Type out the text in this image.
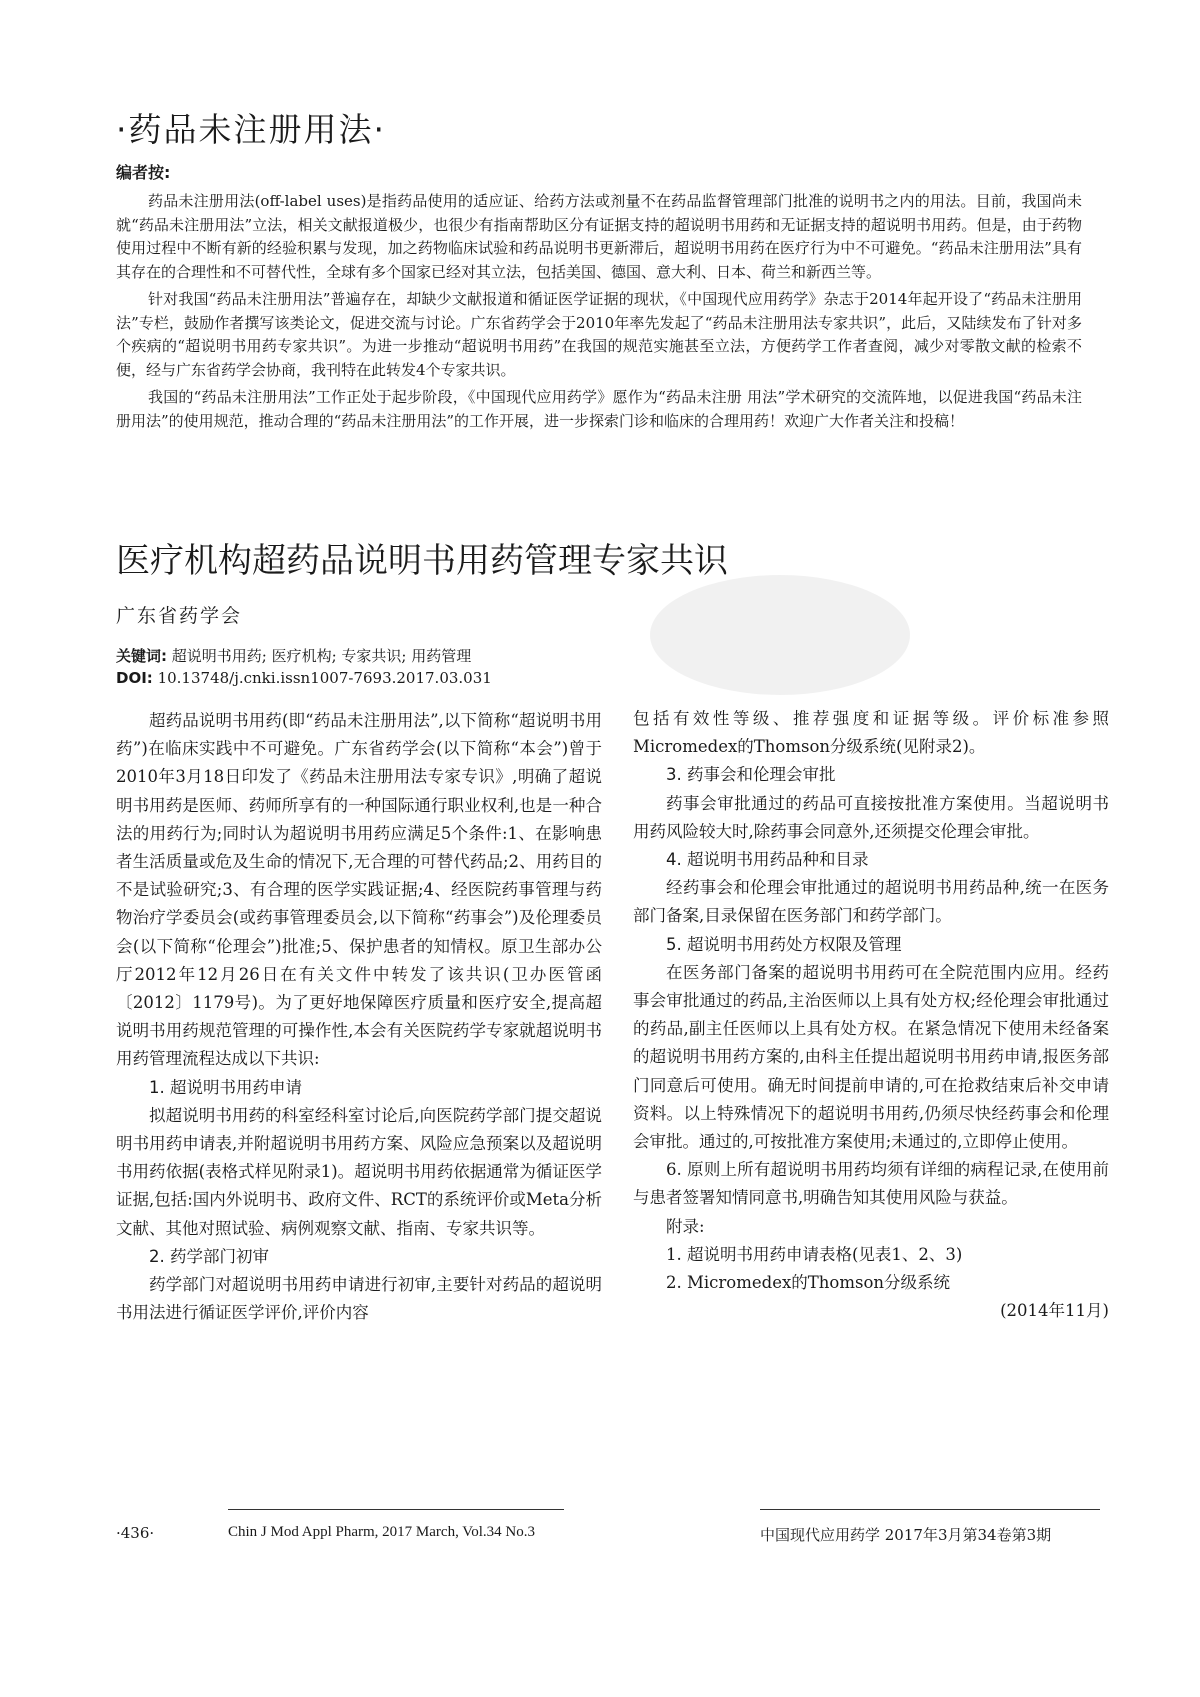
·药品未注册用法·
编者按:

药品未注册用法(off-label uses)是指药品使用的适应证、给药方法或剂量不在药品监督管理部门批准的说明书之内的用法。目前，我国尚未就“药品未注册用法”立法，相关文献报道极少，也很少有指南帮助区分有证据支持的超说明书用药和无证据支持的超说明书用药。但是，由于药物使用过程中不断有新的经验积累与发现，加之药物临床试验和药品说明书更新滞后，超说明书用药在医疗行为中不可避免。“药品未注册用法”具有其存在的合理性和不可替代性，全球有多个国家已经对其立法，包括美国、德国、意大利、日本、荷兰和新西兰等。

针对我国“药品未注册用法”普遍存在，却缺少文献报道和循证医学证据的现状，《中国现代应用药学》杂志于2014年起开设了“药品未注册用法”专栏，鼓励作者撰写该类论文，促进交流与讨论。广东省药学会于2010年率先发起了“药品未注册用法专家共识”，此后，又陆续发布了针对多个疾病的“超说明书用药专家共识”。为进一步推动“超说明书用药”在我国的规范实施甚至立法，方便药学工作者查阅，减少对零散文献的检索不便，经与广东省药学会协商，我刊特在此转发4个专家共识。

我国的“药品未注册用法”工作正处于起步阶段，《中国现代应用药学》愿作为“药品未注册 用法”学术研究的交流阵地，以促进我国“药品未注册用法”的使用规范，推动合理的“药品未注册用法”的工作开展，进一步探索门诊和临床的合理用药！欢迎广大作者关注和投稿！

医疗机构超药品说明书用药管理专家共识
广东省药学会
关键词: 超说明书用药; 医疗机构; 专家共识; 用药管理
DOI: 10.13748/j.cnki.issn1007-7693.2017.03.031

超药品说明书用药(即“药品未注册用法”,以下简称“超说明书用药”)在临床实践中不可避免。广东省药学会(以下简称“本会”)曾于2010年3月18日印发了《药品未注册用法专家专识》,明确了超说明书用药是医师、药师所享有的一种国际通行职业权利,也是一种合法的用药行为;同时认为超说明书用药应满足5个条件:1、在影响患者生活质量或危及生命的情况下,无合理的可替代药品;2、用药目的不是试验研究;3、有合理的医学实践证据;4、经医院药事管理与药物治疗学委员会(或药事管理委员会,以下简称“药事会”)及伦理委员会(以下简称“伦理会”)批准;5、保护患者的知情权。原卫生部办公厅2012年12月26日在有关文件中转发了该共识(卫办医管函〔2012〕1179号)。为了更好地保障医疗质量和医疗安全,提高超说明书用药规范管理的可操作性,本会有关医院药学专家就超说明书用药管理流程达成以下共识:

1. 超说明书用药申请

拟超说明书用药的科室经科室讨论后,向医院药学部门提交超说明书用药申请表,并附超说明书用药方案、风险应急预案以及超说明书用药依据(表格式样见附录1)。超说明书用药依据通常为循证医学证据,包括:国内外说明书、政府文件、RCT的系统评价或Meta分析文献、其他对照试验、病例观察文献、指南、专家共识等。

2. 药学部门初审

药学部门对超说明书用药申请进行初审,主要针对药品的超说明书用法进行循证医学评价,评价内容

包括有效性等级、推荐强度和证据等级。评价标准参照Micromedex的Thomson分级系统(见附录2)。

3. 药事会和伦理会审批

药事会审批通过的药品可直接按批准方案使用。当超说明书用药风险较大时,除药事会同意外,还须提交伦理会审批。

4. 超说明书用药品种和目录

经药事会和伦理会审批通过的超说明书用药品种,统一在医务部门备案,目录保留在医务部门和药学部门。

5. 超说明书用药处方权限及管理

在医务部门备案的超说明书用药可在全院范围内应用。经药事会审批通过的药品,主治医师以上具有处方权;经伦理会审批通过的药品,副主任医师以上具有处方权。在紧急情况下使用未经备案的超说明书用药方案的,由科主任提出超说明书用药申请,报医务部门同意后可使用。确无时间提前申请的,可在抢救结束后补交申请资料。以上特殊情况下的超说明书用药,仍须尽快经药事会和伦理会审批。通过的,可按批准方案使用;未通过的,立即停止使用。

6. 原则上所有超说明书用药均须有详细的病程记录,在使用前与患者签署知情同意书,明确告知其使用风险与获益。

附录:

1. 超说明书用药申请表格(见表1、2、3)

2. Micromedex的Thomson分级系统

(2014年11月)

·436·	Chin J Mod Appl Pharm, 2017 March, Vol.34 No.3	中国现代应用药学 2017年3月第34卷第3期
